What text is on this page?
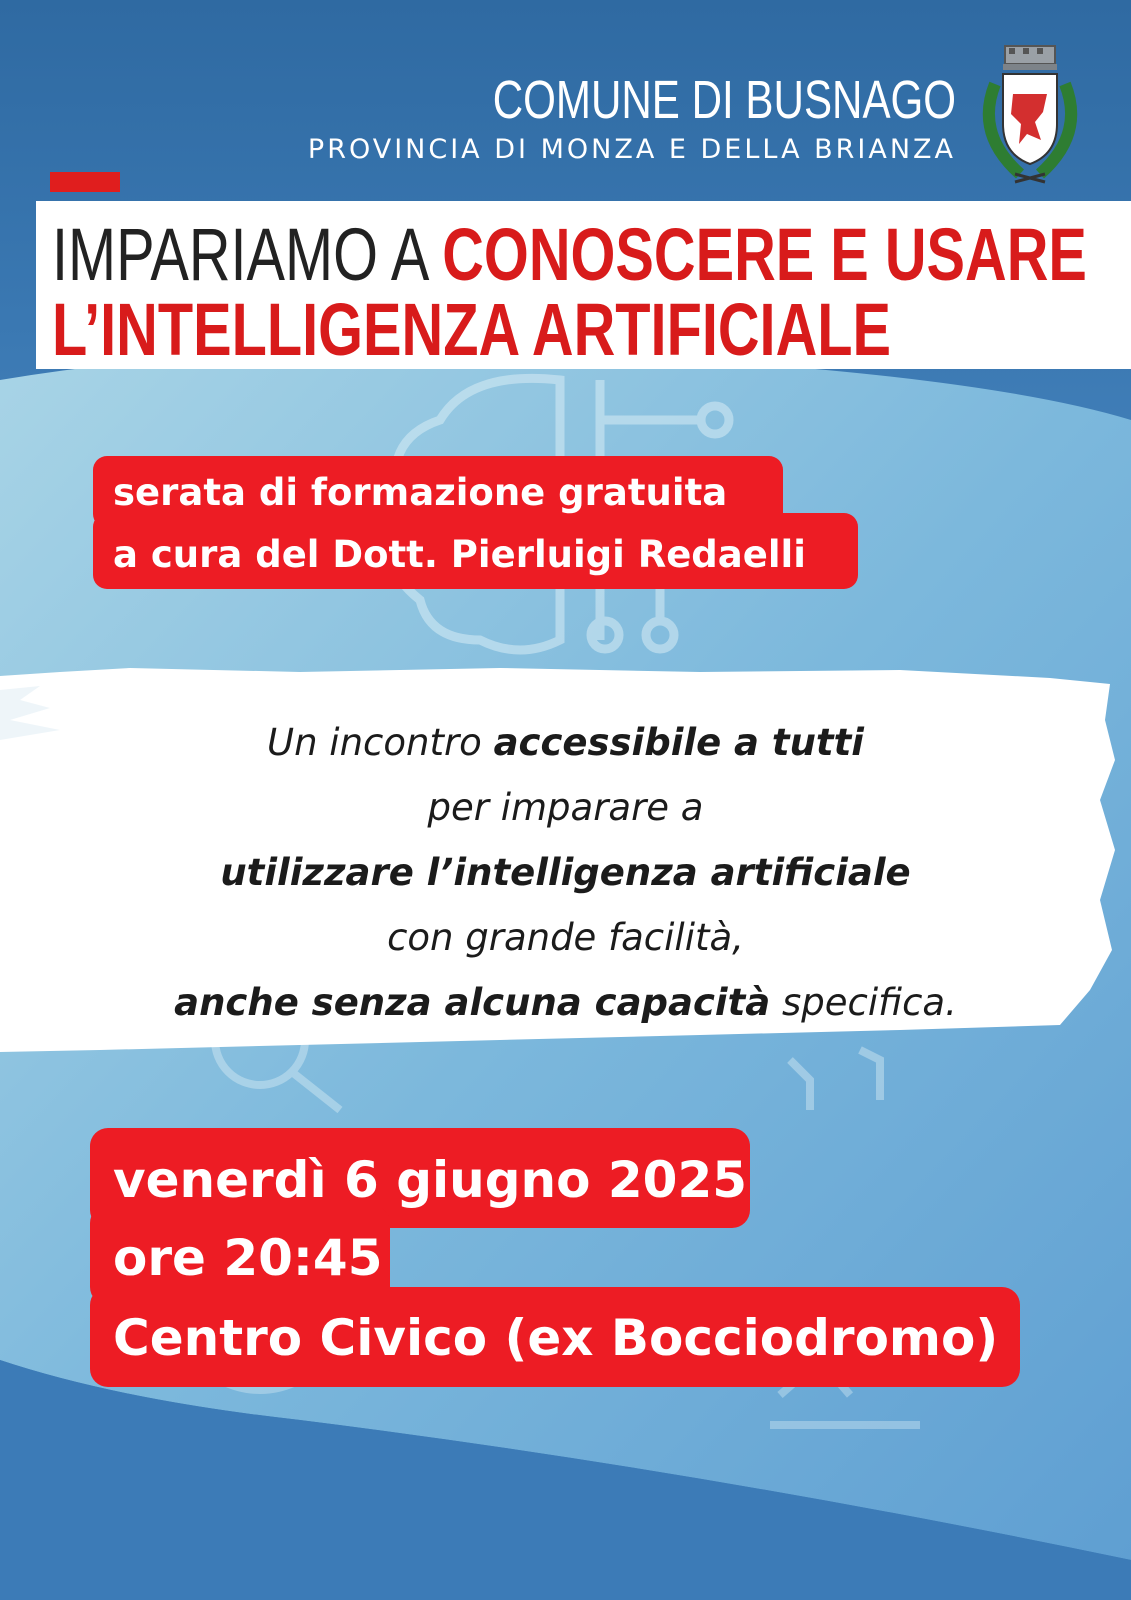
COMUNE DI BUSNAGO
PROVINCIA DI MONZA E DELLA BRIANZA
IMPARIAMO A CONOSCERE E USARE
L’INTELLIGENZA ARTIFICIALE
serata di formazione gratuita
a cura del Dott. Pierluigi Redaelli
Un incontro accessibile a tutti
per imparare a
utilizzare l’intelligenza artificiale
con grande facilità,
anche senza alcuna capacità specifica.
venerdì 6 giugno 2025
ore 20:45
Centro Civico (ex Bocciodromo)
